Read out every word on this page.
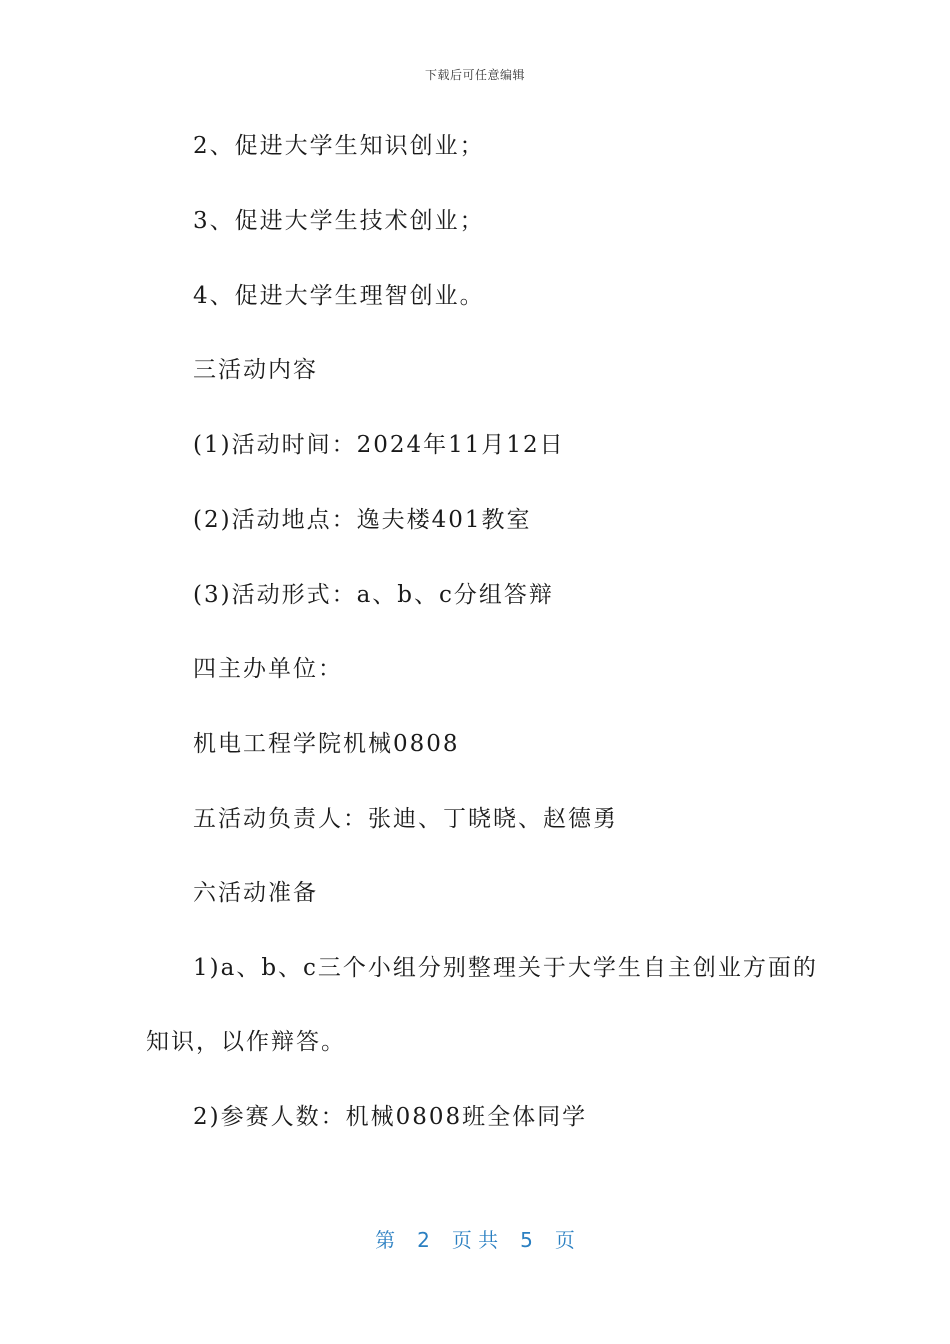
下载后可任意编辑
2、促进大学生知识创业；
3、促进大学生技术创业；
4、促进大学生理智创业。
三活动内容
(1)活动时间：2024年11月12日
(2)活动地点：逸夫楼401教室
(3)活动形式：a、b、c分组答辩
四主办单位：
机电工程学院机械0808
五活动负责人：张迪、丁晓晓、赵德勇
六活动准备
1)a、b、c三个小组分别整理关于大学生自主创业方面的
知识，以作辩答。
2)参赛人数：机械0808班全体同学
第 2 页 共 5 页
